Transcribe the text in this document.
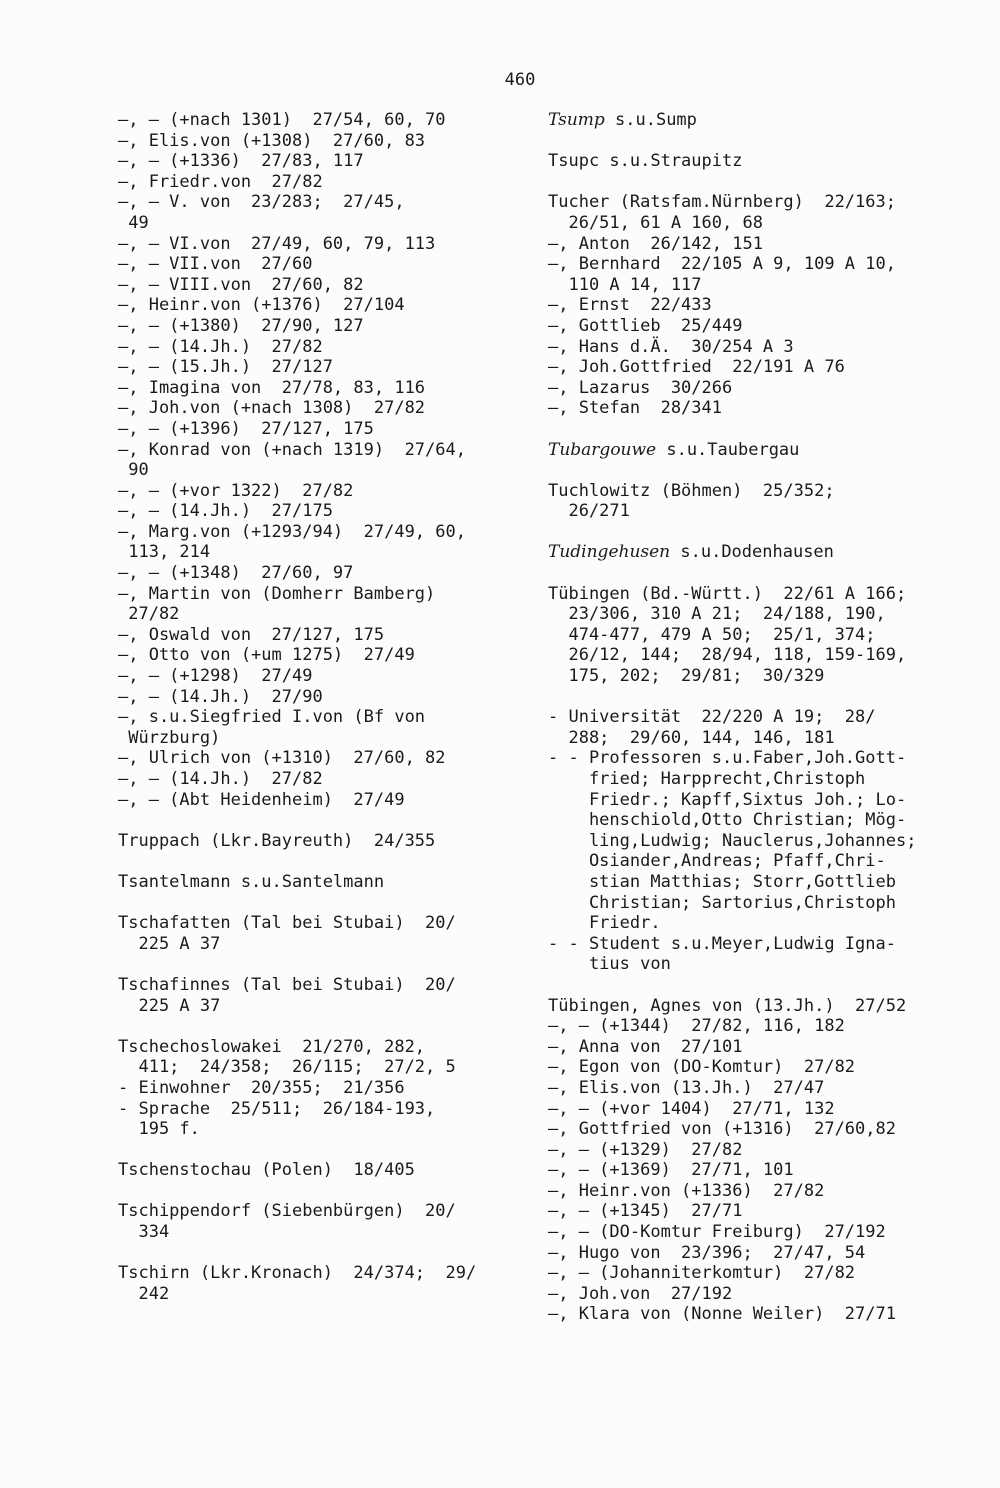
460
—, — (+nach 1301)  27/54, 60, 70
—, Elis.von (+1308)  27/60, 83
—, — (+1336)  27/83, 117
—, Friedr.von  27/82
—, — V. von  23/283;  27/45,
49
—, — VI.von  27/49, 60, 79, 113
—, — VII.von  27/60
—, — VIII.von  27/60, 82
—, Heinr.von (+1376)  27/104
—, — (+1380)  27/90, 127
—, — (14.Jh.)  27/82
—, — (15.Jh.)  27/127
—, Imagina von  27/78, 83, 116
—, Joh.von (+nach 1308)  27/82
—, — (+1396)  27/127, 175
—, Konrad von (+nach 1319)  27/64,
90
—, — (+vor 1322)  27/82
—, — (14.Jh.)  27/175
—, Marg.von (+1293/94)  27/49, 60,
113, 214
—, — (+1348)  27/60, 97
—, Martin von (Domherr Bamberg)
27/82
—, Oswald von  27/127, 175
—, Otto von (+um 1275)  27/49
—, — (+1298)  27/49
—, — (14.Jh.)  27/90
—, s.u.Siegfried I.von (Bf von
Würzburg)
—, Ulrich von (+1310)  27/60, 82
—, — (14.Jh.)  27/82
—, — (Abt Heidenheim)  27/49
Truppach (Lkr.Bayreuth)  24/355
Tsantelmann s.u.Santelmann
Tschafatten (Tal bei Stubai)  20/
225 A 37
Tschafinnes (Tal bei Stubai)  20/
225 A 37
Tschechoslowakei  21/270, 282,
411;  24/358;  26/115;  27/2, 5
- Einwohner  20/355;  21/356
- Sprache  25/511;  26/184-193,
195 f.
Tschenstochau (Polen)  18/405
Tschippendorf (Siebenbürgen)  20/
334
Tschirn (Lkr.Kronach)  24/374;  29/
242
Tsump s.u.Sump
Tsupc s.u.Straupitz
Tucher (Ratsfam.Nürnberg)  22/163;
26/51, 61 A 160, 68
—, Anton  26/142, 151
—, Bernhard  22/105 A 9, 109 A 10,
110 A 14, 117
—, Ernst  22/433
—, Gottlieb  25/449
—, Hans d.Ä.  30/254 A 3
—, Joh.Gottfried  22/191 A 76
—, Lazarus  30/266
—, Stefan  28/341
Tubargouwe s.u.Taubergau
Tuchlowitz (Böhmen)  25/352;
26/271
Tudingehusen s.u.Dodenhausen
Tübingen (Bd.-Württ.)  22/61 A 166;
23/306, 310 A 21;  24/188, 190,
474-477, 479 A 50;  25/1, 374;
26/12, 144;  28/94, 118, 159-169,
175, 202;  29/81;  30/329
- Universität  22/220 A 19;  28/
288;  29/60, 144, 146, 181
- - Professoren s.u.Faber,Joh.Gott-
fried; Harpprecht,Christoph
Friedr.; Kapff,Sixtus Joh.; Lo-
henschiold,Otto Christian; Mög-
ling,Ludwig; Nauclerus,Johannes;
Osiander,Andreas; Pfaff,Chri-
stian Matthias; Storr,Gottlieb
Christian; Sartorius,Christoph
Friedr.
- - Student s.u.Meyer,Ludwig Igna-
tius von
Tübingen, Agnes von (13.Jh.)  27/52
—, — (+1344)  27/82, 116, 182
—, Anna von  27/101
—, Egon von (DO-Komtur)  27/82
—, Elis.von (13.Jh.)  27/47
—, — (+vor 1404)  27/71, 132
—, Gottfried von (+1316)  27/60,82
—, — (+1329)  27/82
—, — (+1369)  27/71, 101
—, Heinr.von (+1336)  27/82
—, — (+1345)  27/71
—, — (DO-Komtur Freiburg)  27/192
—, Hugo von  23/396;  27/47, 54
—, — (Johanniterkomtur)  27/82
—, Joh.von  27/192
—, Klara von (Nonne Weiler)  27/71
